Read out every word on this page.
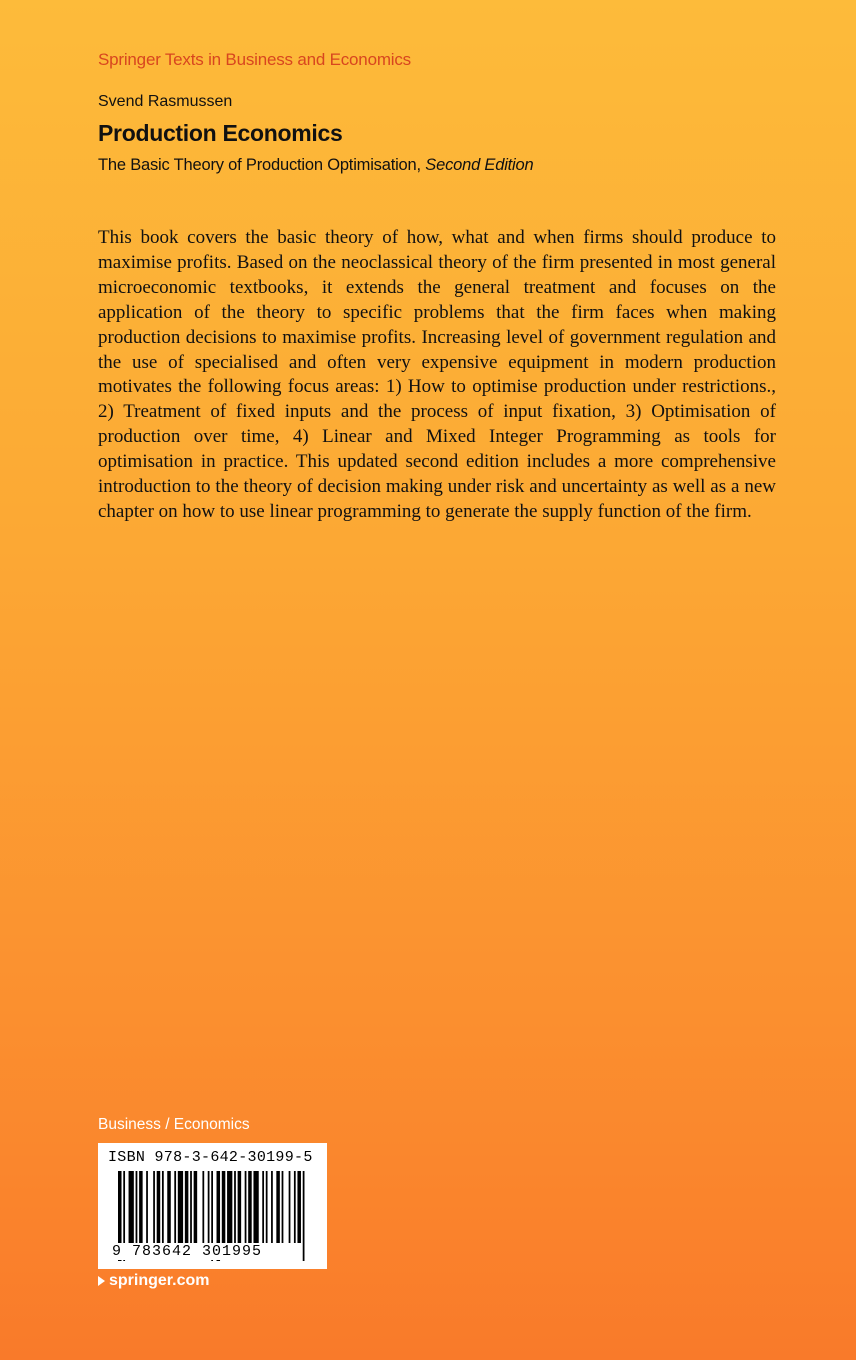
Springer Texts in Business and Economics
Svend Rasmussen
Production Economics
The Basic Theory of Production Optimisation, Second Edition

This book covers the basic theory of how, what and when firms should produce to maximise profits. Based on the neoclassical theory of the firm presented in most general microeconomic textbooks, it extends the general treatment and focuses on the application of the theory to specific problems that the firm faces when making production decisions to maximise profits. Increasing level of government regulation and the use of specialised and often very expensive equipment in modern production motivates the following focus areas: 1) How to optimise production under restrictions., 2) Treatment of fixed inputs and the process of input fixation, 3) Optimisation of production over time, 4) Linear and Mixed Integer Programming as tools for optimisation in practice. This updated second edition includes a more comprehensive introduction to the theory of decision making under risk and uncertainty as well as a new chapter on how to use linear programming to generate the supply function of the firm.

Business / Economics
ISBN 978-3-642-30199-5
9 783642 301995
springer.com
